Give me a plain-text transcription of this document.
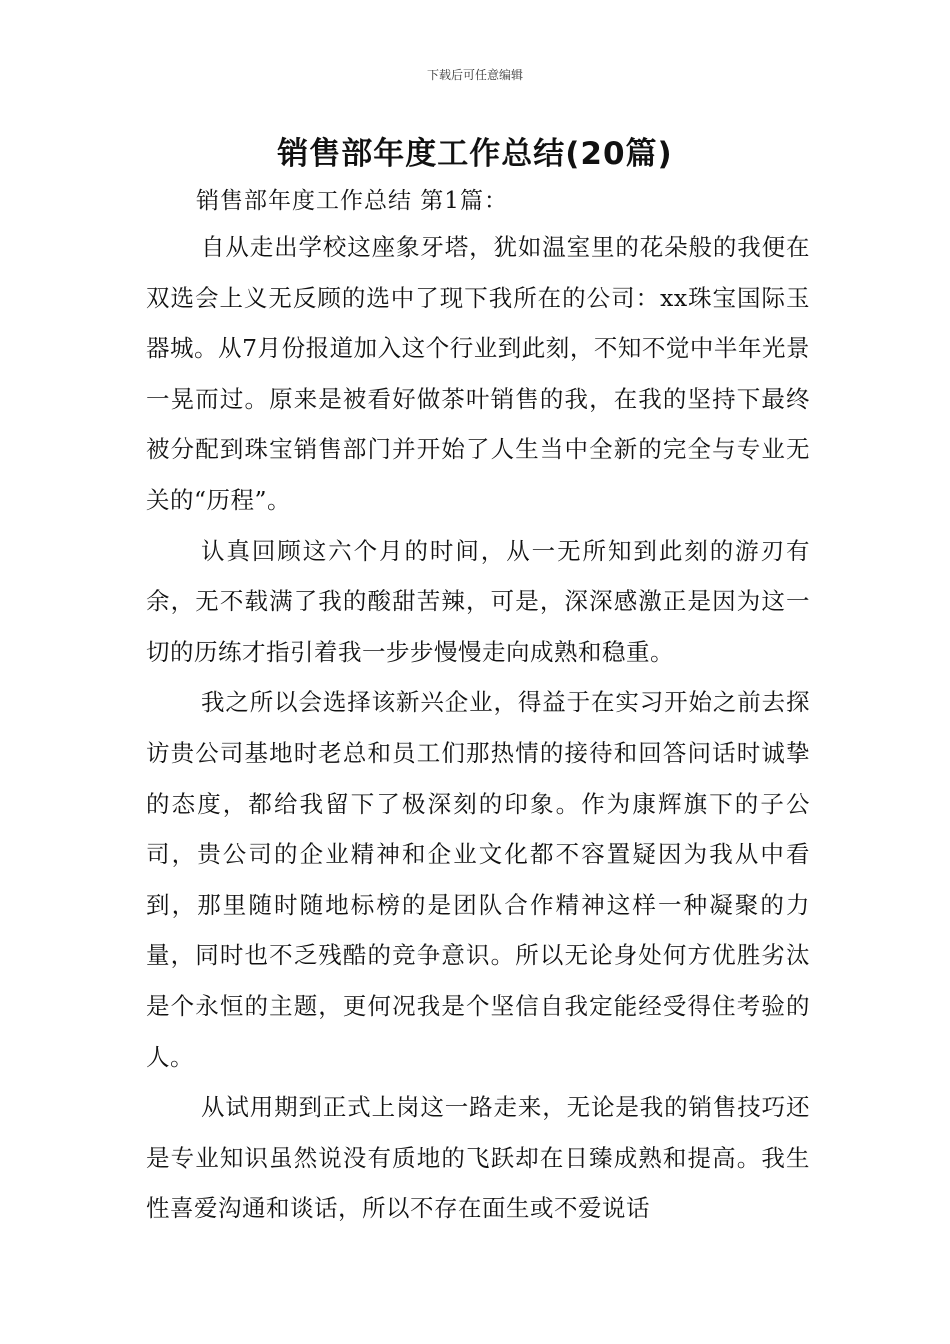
下载后可任意编辑
销售部年度工作总结(20篇)
销售部年度工作总结 第1篇：

自从走出学校这座象牙塔，犹如温室里的花朵般的我便在双选会上义无反顾的选中了现下我所在的公司：xx珠宝国际玉器城。从7月份报道加入这个行业到此刻，不知不觉中半年光景一晃而过。原来是被看好做茶叶销售的我，在我的坚持下最终被分配到珠宝销售部门并开始了人生当中全新的完全与专业无关的“历程”。

认真回顾这六个月的时间，从一无所知到此刻的游刃有余，无不载满了我的酸甜苦辣，可是，深深感激正是因为这一切的历练才指引着我一步步慢慢走向成熟和稳重。

我之所以会选择该新兴企业，得益于在实习开始之前去探访贵公司基地时老总和员工们那热情的接待和回答问话时诚挚的态度，都给我留下了极深刻的印象。作为康辉旗下的子公司，贵公司的企业精神和企业文化都不容置疑因为我从中看到，那里随时随地标榜的是团队合作精神这样一种凝聚的力量，同时也不乏残酷的竞争意识。所以无论身处何方优胜劣汰是个永恒的主题，更何况我是个坚信自我定能经受得住考验的人。

从试用期到正式上岗这一路走来，无论是我的销售技巧还是专业知识虽然说没有质地的飞跃却在日臻成熟和提高。我生性喜爱沟通和谈话，所以不存在面生或不爱说话
